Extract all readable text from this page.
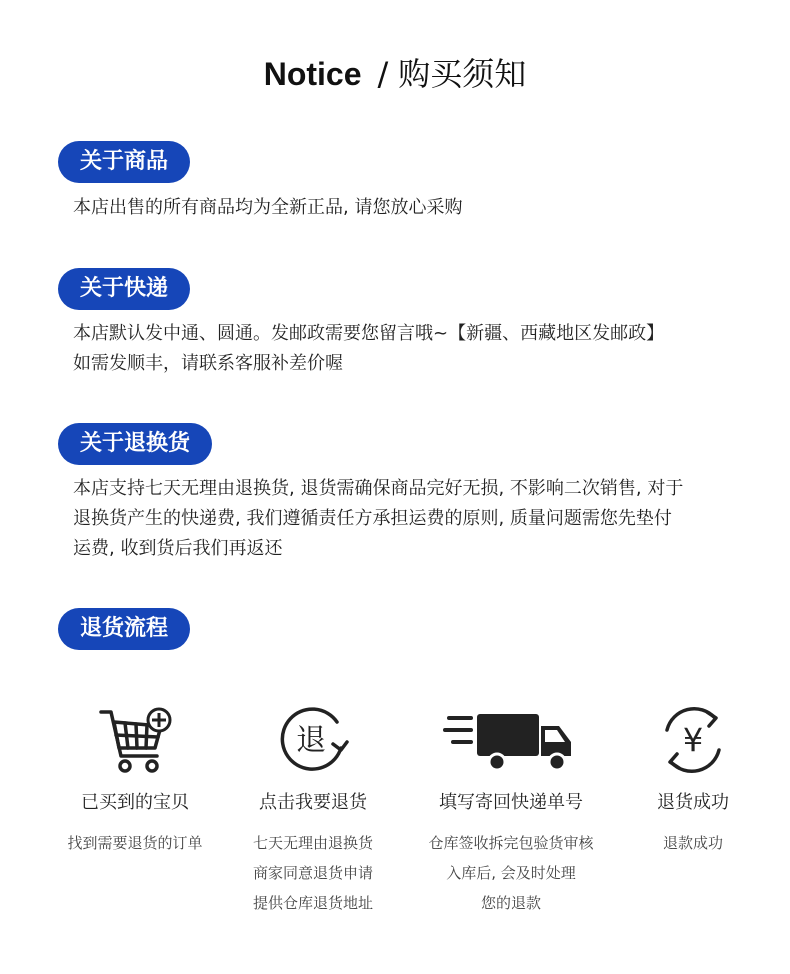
Notice / 购买须知
关于商品

本店出售的所有商品均为全新正品, 请您放心采购

关于快递

本店默认发中通、圆通。发邮政需要您留言哦~【新疆、西藏地区发邮政】

如需发顺丰，请联系客服补差价喔

关于退换货

本店支持七天无理由退换货, 退货需确保商品完好无损, 不影响二次销售, 对于

退换货产生的快递费, 我们遵循责任方承担运费的原则, 质量问题需您先垫付

运费, 收到货后我们再返还

退货流程
已买到的宝贝
找到需要退货的订单
退
点击我要退货
七天无理由退换货
商家同意退货申请
提供仓库退货地址
填写寄回快递单号
仓库签收拆完包验货审核
入库后, 会及时处理
您的退款
¥
退货成功
退款成功
